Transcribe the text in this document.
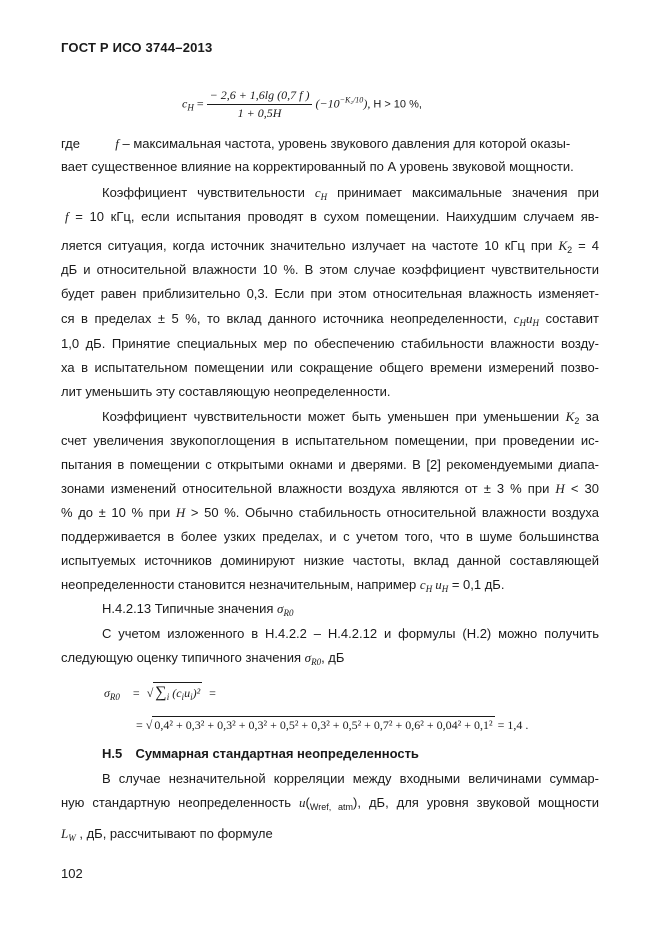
ГОСТ Р ИСО 3744–2013
$c_H = \frac{- 2,6 + 1,6\lg (0,7 f )}{1 + 0,5H} (-10^{-K_2/10})$, H > 10 %,
где	f – максимальная частота, уровень звукового давления для которой оказы-
вает существенное влияние на корректированный по А уровень звуковой мощности.
Коэффициент чувствительности $c_H$ принимает максимальные значения при
f = 10 кГц, если испытания проводят в сухом помещении. Наихудшим случаем яв-
ляется ситуация, когда источник значительно излучает на частоте 10 кГц при $K_2 = 4$
дБ и относительной влажности 10 %. В этом случае коэффициент чувствительности
будет равен приблизительно 0,3. Если при этом относительная влажность изменяет-
ся в пределах ± 5 %, то вклад данного источника неопределенности, $c_Hu_H$ составит
1,0 дБ. Принятие специальных мер по обеспечению стабильности влажности возду-
ха в испытательном помещении или сокращение общего времени измерений позво-
лит уменьшить эту составляющую неопределенности.
Коэффициент чувствительности может быть уменьшен при уменьшении $K_2$ за
счет увеличения звукопоглощения в испытательном помещении, при проведении ис-
пытания в помещении с открытыми окнами и дверями. В [2] рекомендуемыми диапа-
зонами изменений относительной влажности воздуха являются от ± 3 % при H < 30
% до ± 10 % при H > 50 %. Обычно стабильность относительной влажности воздуха
поддерживается в более узких пределах, и с учетом того, что в шуме большинства
испытуемых источников доминируют низкие частоты, вклад данной составляющей
неопределенности становится незначительным, например $c_H$ $u_H = 0,1$ дБ.
Н.4.2.13 Типичные значения $\sigma_{R0}$
С учетом изложенного в Н.4.2.2 – Н.4.2.12 и формулы (Н.2) можно получить
следующую оценку типичного значения $\sigma_{R0}$, дБ
$\sigma_{R0}$ = √ $\sum_i$ $(c_iu_i)^2$ =
= √ 0,4² + 0,3² + 0,3² + 0,3² + 0,5² + 0,3² + 0,5² + 0,7² + 0,6² + 0,04² + 0,1² = 1,4 .
Н.5 Суммарная стандартная неопределенность
В случае незначительной корреляции между входными величинами суммар-
ную стандартную неопределенность $u(_{Wref, atm})$, дБ, для уровня звуковой мощности
$L_W$ , дБ, рассчитывают по формуле
102
